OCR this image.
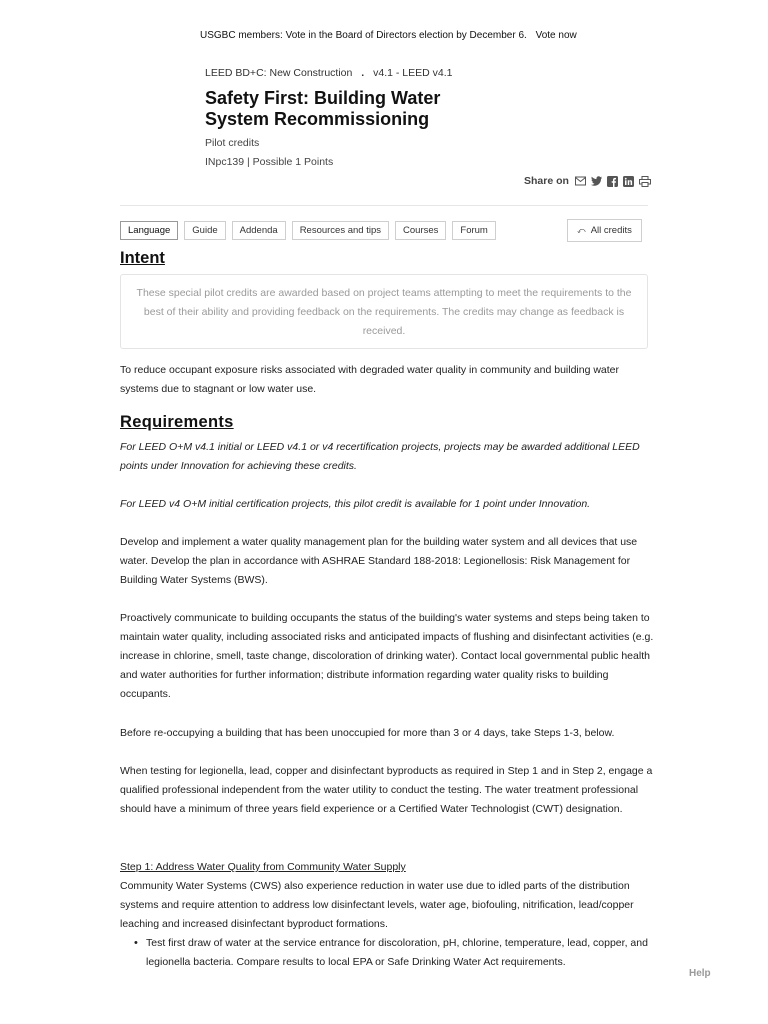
USGBC members: Vote in the Board of Directors election by December 6. Vote now
LEED BD+C: New Construction . v4.1 - LEED v4.1
Safety First: Building Water System Recommissioning
Pilot credits
INpc139 | Possible 1 Points
Share on
Language	Guide	Addenda	Resources and tips	Courses	Forum	⤺ All credits
Intent
These special pilot credits are awarded based on project teams attempting to meet the requirements to the best of their ability and providing feedback on the requirements. The credits may change as feedback is received.
To reduce occupant exposure risks associated with degraded water quality in community and building water systems due to stagnant or low water use.
Requirements
For LEED O+M v4.1 initial or LEED v4.1 or v4 recertification projects, projects may be awarded additional LEED points under Innovation for achieving these credits.
For LEED v4 O+M initial certification projects, this pilot credit is available for 1 point under Innovation.
Develop and implement a water quality management plan for the building water system and all devices that use water. Develop the plan in accordance with ASHRAE Standard 188-2018: Legionellosis: Risk Management for Building Water Systems (BWS).
Proactively communicate to building occupants the status of the building's water systems and steps being taken to maintain water quality, including associated risks and anticipated impacts of flushing and disinfectant activities (e.g. increase in chlorine, smell, taste change, discoloration of drinking water). Contact local governmental public health and water authorities for further information; distribute information regarding water quality risks to building occupants.
Before re-occupying a building that has been unoccupied for more than 3 or 4 days, take Steps 1-3, below.
When testing for legionella, lead, copper and disinfectant byproducts as required in Step 1 and in Step 2, engage a qualified professional independent from the water utility to conduct the testing. The water treatment professional should have a minimum of three years field experience or a Certified Water Technologist (CWT) designation.
Step 1: Address Water Quality from Community Water Supply
Community Water Systems (CWS) also experience reduction in water use due to idled parts of the distribution systems and require attention to address low disinfectant levels, water age, biofouling, nitrification, lead/copper leaching and increased disinfectant byproduct formations.
• Test first draw of water at the service entrance for discoloration, pH, chlorine, temperature, lead, copper, and legionella bacteria. Compare results to local EPA or Safe Drinking Water Act requirements.
Help
